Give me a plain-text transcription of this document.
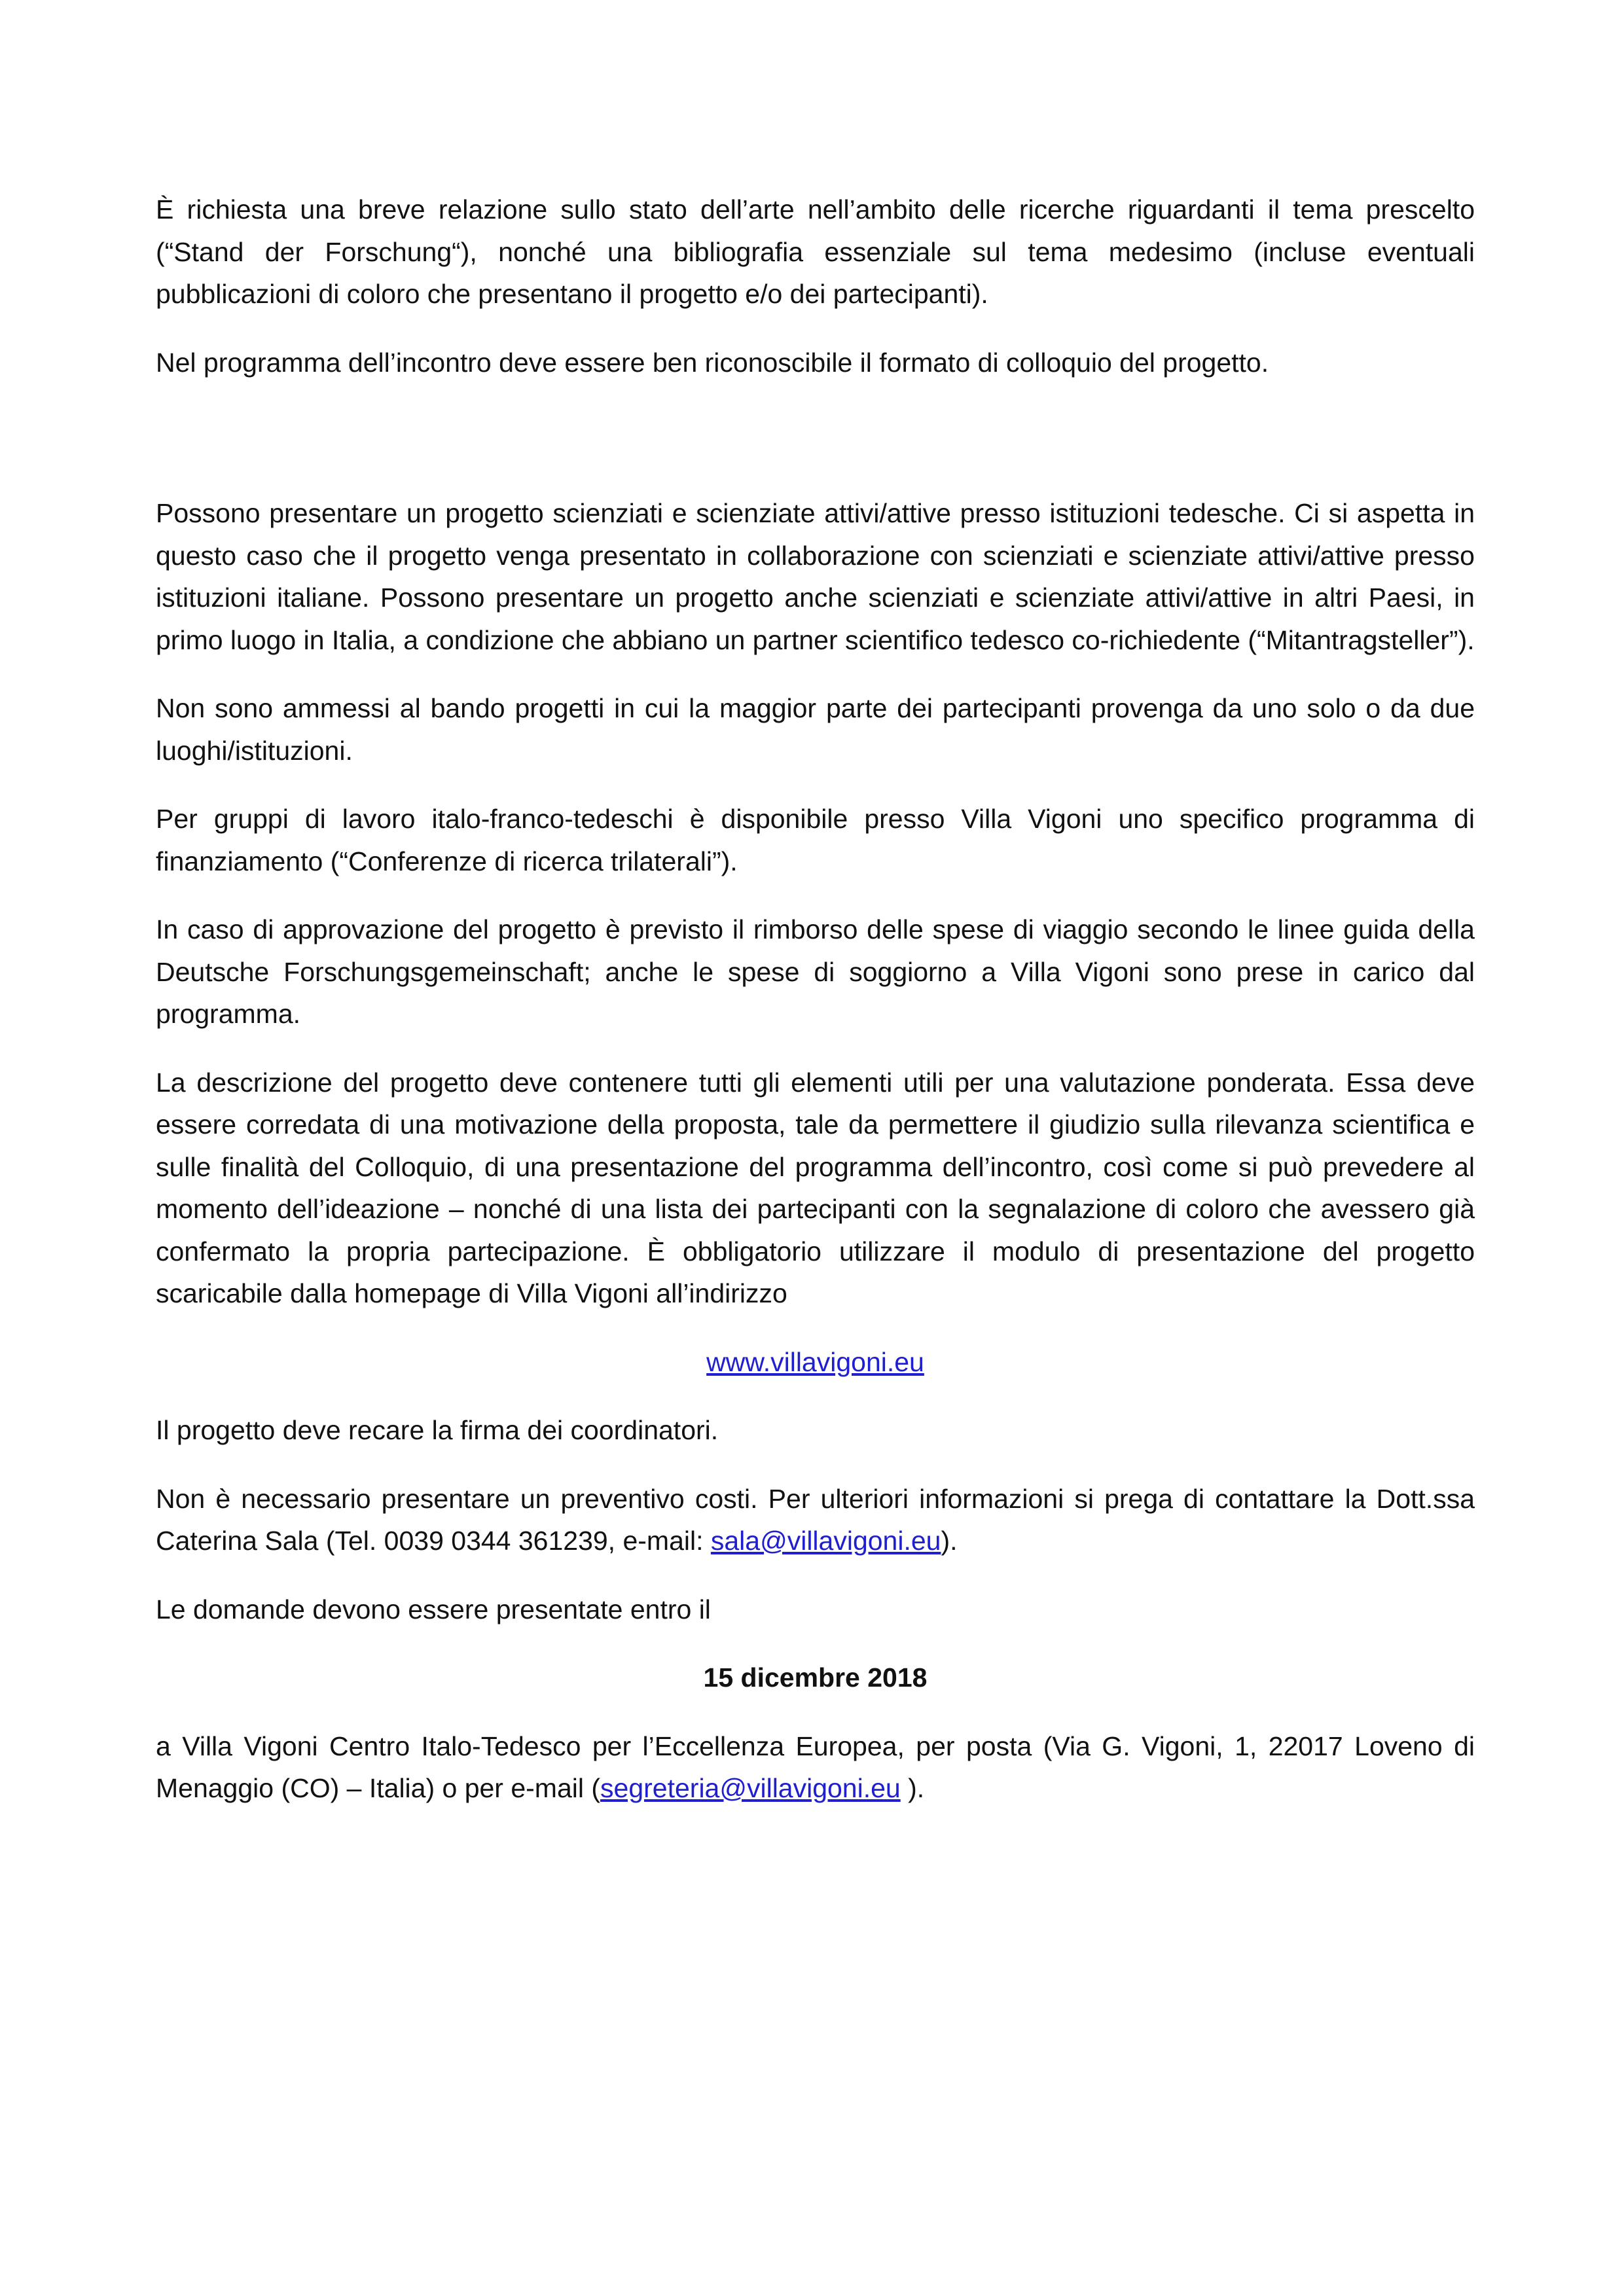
È richiesta una breve relazione sullo stato dell’arte nell’ambito delle ricerche riguardanti il tema prescelto (“Stand der Forschung“), nonché una bibliografia essenziale sul tema medesimo (incluse eventuali pubblicazioni di coloro che presentano il progetto e/o dei partecipanti).

Nel programma dell’incontro deve essere ben riconoscibile il formato di colloquio del progetto.

Possono presentare un progetto scienziati e scienziate attivi/attive presso istituzioni tedesche. Ci si aspetta in questo caso che il progetto venga presentato in collaborazione con scienziati e scienziate attivi/attive presso istituzioni italiane. Possono presentare un progetto anche scienziati e scienziate attivi/attive in altri Paesi, in primo luogo in Italia, a condizione che abbiano un partner scientifico tedesco co-richiedente (“Mitantragsteller”).

Non sono ammessi al bando progetti in cui la maggior parte dei partecipanti provenga da uno solo o da due luoghi/istituzioni.

Per gruppi di lavoro italo-franco-tedeschi è disponibile presso Villa Vigoni uno specifico programma di finanziamento (“Conferenze di ricerca trilaterali”).

In caso di approvazione del progetto è previsto il rimborso delle spese di viaggio secondo le linee guida della Deutsche Forschungsgemeinschaft; anche le spese di soggiorno a Villa Vigoni sono prese in carico dal programma.

La descrizione del progetto deve contenere tutti gli elementi utili per una valutazione ponderata. Essa deve essere corredata di una motivazione della proposta, tale da permettere il giudizio sulla rilevanza scientifica e sulle finalità del Colloquio, di una presentazione del programma dell’incontro, così come si può prevedere al momento dell’ideazione – nonché di una lista dei partecipanti con la segnalazione di coloro che avessero già confermato la propria partecipazione. È obbligatorio utilizzare il modulo di presentazione del progetto scaricabile dalla homepage di Villa Vigoni all’indirizzo

www.villavigoni.eu

Il progetto deve recare la firma dei coordinatori.

Non è necessario presentare un preventivo costi. Per ulteriori informazioni si prega di contattare la Dott.ssa Caterina Sala (Tel. 0039 0344 361239, e-mail: sala@villavigoni.eu).

Le domande devono essere presentate entro il

15 dicembre 2018

a Villa Vigoni Centro Italo-Tedesco per l’Eccellenza Europea, per posta (Via G. Vigoni, 1, 22017 Loveno di Menaggio (CO) – Italia) o per e-mail (segreteria@villavigoni.eu ).
